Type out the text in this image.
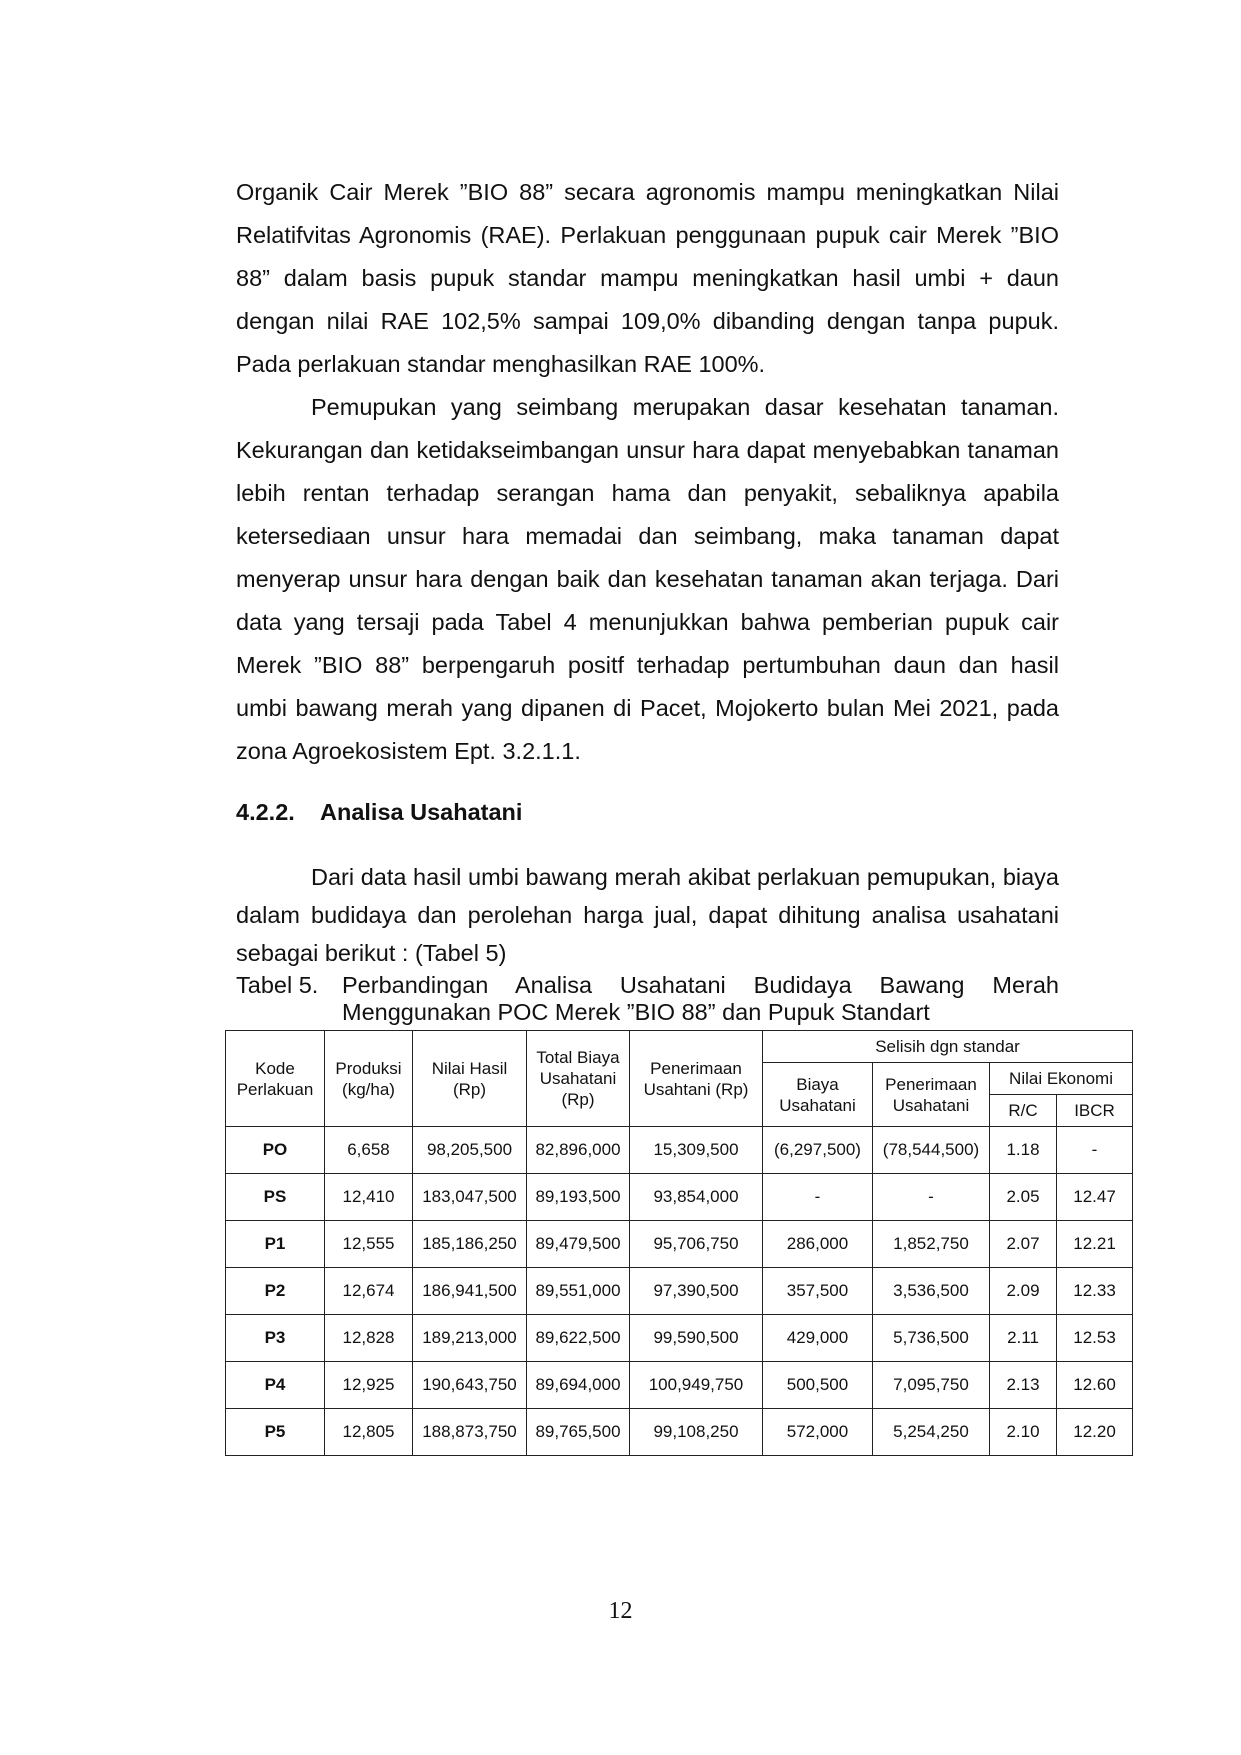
Organik Cair Merek ”BIO 88” secara agronomis mampu meningkatkan Nilai Relatifvitas Agronomis (RAE). Perlakuan penggunaan pupuk cair Merek ”BIO 88” dalam basis pupuk standar mampu meningkatkan hasil umbi + daun dengan nilai RAE 102,5% sampai 109,0% dibanding dengan tanpa pupuk. Pada perlakuan standar menghasilkan RAE 100%.

Pemupukan yang seimbang merupakan dasar kesehatan tanaman. Kekurangan dan ketidakseimbangan unsur hara dapat menyebabkan tanaman lebih rentan terhadap serangan hama dan penyakit, sebaliknya apabila ketersediaan unsur hara memadai dan seimbang, maka tanaman dapat menyerap unsur hara dengan baik dan kesehatan tanaman akan terjaga. Dari data yang tersaji pada Tabel 4 menunjukkan bahwa pemberian pupuk cair Merek ”BIO 88” berpengaruh positf terhadap pertumbuhan daun dan hasil umbi bawang merah yang dipanen di Pacet, Mojokerto bulan Mei 2021, pada zona Agroekosistem Ept. 3.2.1.1.

4.2.2. Analisa Usahatani

Dari data hasil umbi bawang merah akibat perlakuan pemupukan, biaya dalam budidaya dan perolehan harga jual, dapat dihitung analisa usahatani sebagai berikut : (Tabel 5)

Tabel 5. Perbandingan Analisa Usahatani Budidaya Bawang Merah
Menggunakan POC Merek ”BIO 88” dan Pupuk Standart
Kode Perlakuan	Produksi (kg/ha)	Nilai Hasil (Rp)	Total Biaya Usahatani (Rp)	Penerimaan Usahtani (Rp)	Selisih dgn standar			
					Biaya Usahatani	Penerimaan Usahatani	Nilai Ekonomi	
							R/C	IBCR
PO	6,658	98,205,500	82,896,000	15,309,500	(6,297,500)	(78,544,500)	1.18	-
PS	12,410	183,047,500	89,193,500	93,854,000	-	-	2.05	12.47
P1	12,555	185,186,250	89,479,500	95,706,750	286,000	1,852,750	2.07	12.21
P2	12,674	186,941,500	89,551,000	97,390,500	357,500	3,536,500	2.09	12.33
P3	12,828	189,213,000	89,622,500	99,590,500	429,000	5,736,500	2.11	12.53
P4	12,925	190,643,750	89,694,000	100,949,750	500,500	7,095,750	2.13	12.60
P5	12,805	188,873,750	89,765,500	99,108,250	572,000	5,254,250	2.10	12.20
12
